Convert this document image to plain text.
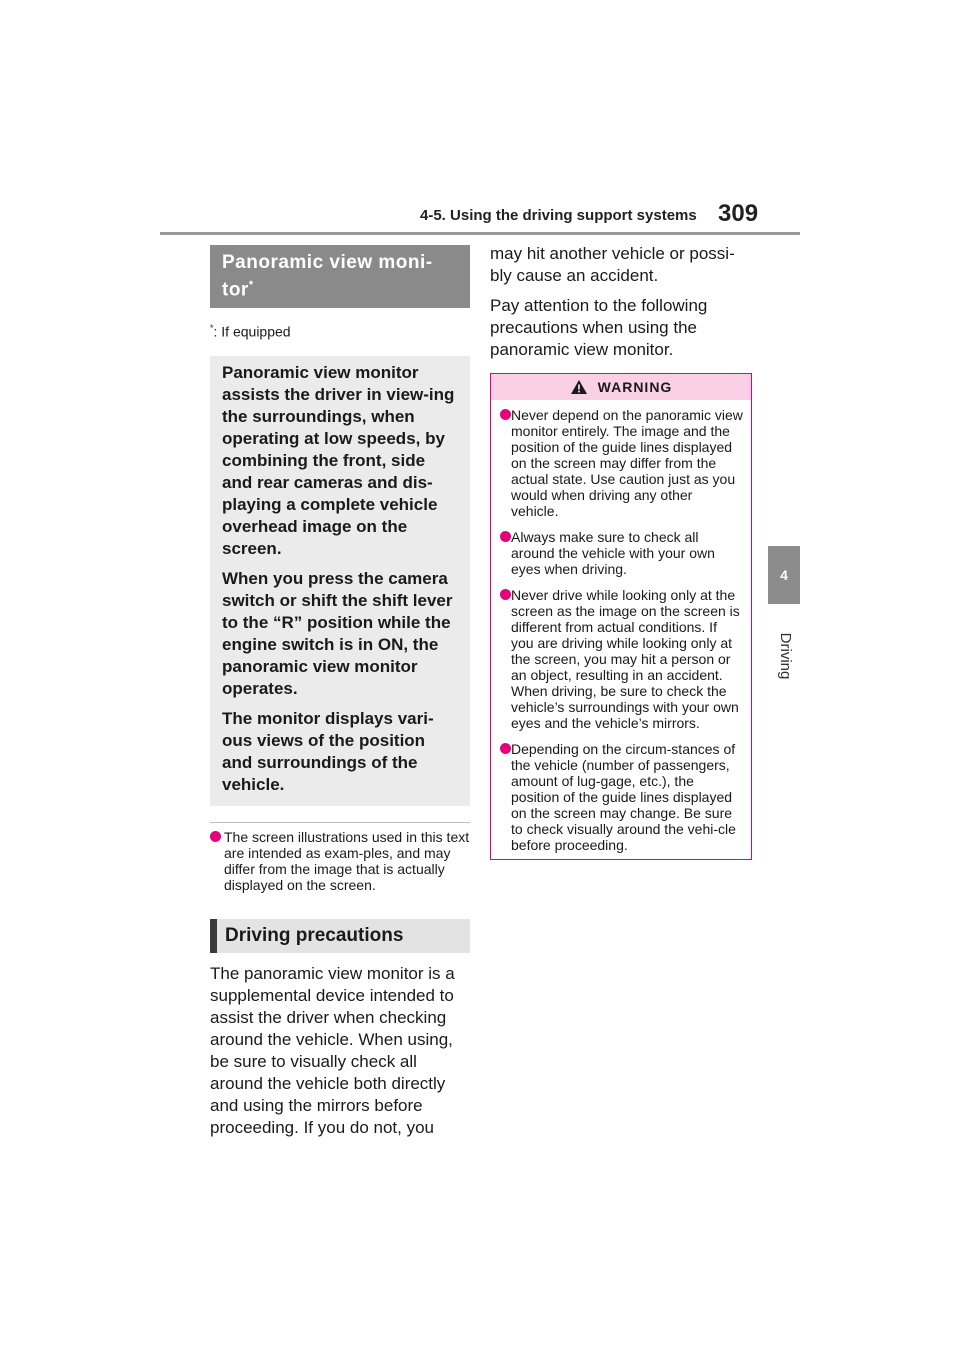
4-5. Using the driving support systems 309
4
Driving
Panoramic view moni-tor*

*: If equipped

Panoramic view monitor assists the driver in view-ing the surroundings, when operating at low speeds, by combining the front, side and rear cameras and dis-playing a complete vehicle overhead image on the screen.

When you press the camera switch or shift the shift lever to the “R” position while the engine switch is in ON, the panoramic view monitor operates.

The monitor displays vari-ous views of the position and surroundings of the vehicle.

The screen illustrations used in this text are intended as exam-ples, and may differ from the image that is actually displayed on the screen.
Driving precautions

The panoramic view monitor is a supplemental device intended to assist the driver when checking around the vehicle. When using, be sure to visually check all around the vehicle both directly and using the mirrors before proceeding. If you do not, you

may hit another vehicle or possi-bly cause an accident.

Pay attention to the following precautions when using the panoramic view monitor.

WARNING
Never depend on the panoramic view monitor entirely. The image and the position of the guide lines displayed on the screen may differ from the actual state. Use caution just as you would when driving any other vehicle.
Always make sure to check all around the vehicle with your own eyes when driving.
Never drive while looking only at the screen as the image on the screen is different from actual conditions. If you are driving while looking only at the screen, you may hit a person or an object, resulting in an accident. When driving, be sure to check the vehicle’s surroundings with your own eyes and the vehicle’s mirrors.
Depending on the circum-stances of the vehicle (number of passengers, amount of lug-gage, etc.), the position of the guide lines displayed on the screen may change. Be sure to check visually around the vehi-cle before proceeding.
